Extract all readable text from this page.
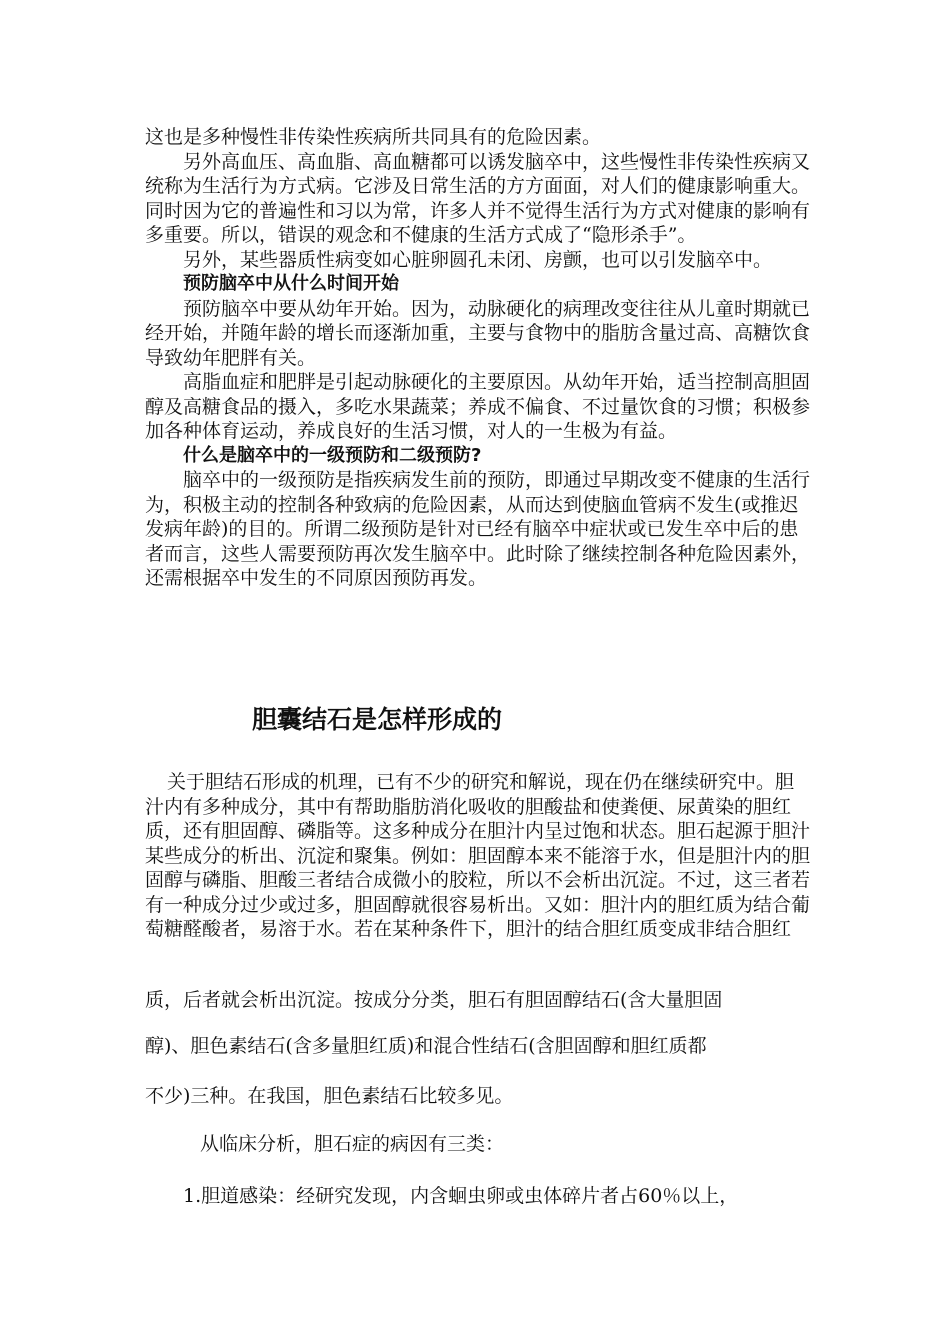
这也是多种慢性非传染性疾病所共同具有的危险因素。

另外高血压、高血脂、高血糖都可以诱发脑卒中，这些慢性非传染性疾病又统称为生活行为方式病。它涉及日常生活的方方面面，对人们的健康影响重大。同时因为它的普遍性和习以为常，许多人并不觉得生活行为方式对健康的影响有多重要。所以，错误的观念和不健康的生活方式成了“隐形杀手”。

另外，某些器质性病变如心脏卵圆孔未闭、房颤，也可以引发脑卒中。

预防脑卒中从什么时间开始

预防脑卒中要从幼年开始。因为，动脉硬化的病理改变往往从儿童时期就已经开始，并随年龄的增长而逐渐加重，主要与食物中的脂肪含量过高、高糖饮食导致幼年肥胖有关。

高脂血症和肥胖是引起动脉硬化的主要原因。从幼年开始，适当控制高胆固醇及高糖食品的摄入，多吃水果蔬菜；养成不偏食、不过量饮食的习惯；积极参加各种体育运动，养成良好的生活习惯，对人的一生极为有益。

什么是脑卒中的一级预防和二级预防?

脑卒中的一级预防是指疾病发生前的预防，即通过早期改变不健康的生活行为，积极主动的控制各种致病的危险因素，从而达到使脑血管病不发生(或推迟发病年龄)的目的。所谓二级预防是针对已经有脑卒中症状或已发生卒中后的患者而言，这些人需要预防再次发生脑卒中。此时除了继续控制各种危险因素外，还需根据卒中发生的不同原因预防再发。

胆囊结石是怎样形成的

关于胆结石形成的机理，已有不少的研究和解说，现在仍在继续研究中。胆汁内有多种成分，其中有帮助脂肪消化吸收的胆酸盐和使粪便、尿黄染的胆红质，还有胆固醇、磷脂等。这多种成分在胆汁内呈过饱和状态。胆石起源于胆汁某些成分的析出、沉淀和聚集。例如：胆固醇本来不能溶于水，但是胆汁内的胆固醇与磷脂、胆酸三者结合成微小的胶粒，所以不会析出沉淀。不过，这三者若有一种成分过少或过多，胆固醇就很容易析出。又如：胆汁内的胆红质为结合葡萄糖醛酸者，易溶于水。若在某种条件下，胆汁的结合胆红质变成非结合胆红

质，后者就会析出沉淀。按成分分类，胆石有胆固醇结石(含大量胆固
醇)、胆色素结石(含多量胆红质)和混合性结石(含胆固醇和胆红质都
不少)三种。在我国，胆色素结石比较多见。
从临床分析，胆石症的病因有三类：
1.胆道感染：经研究发现，内含蛔虫卵或虫体碎片者占60％以上，
